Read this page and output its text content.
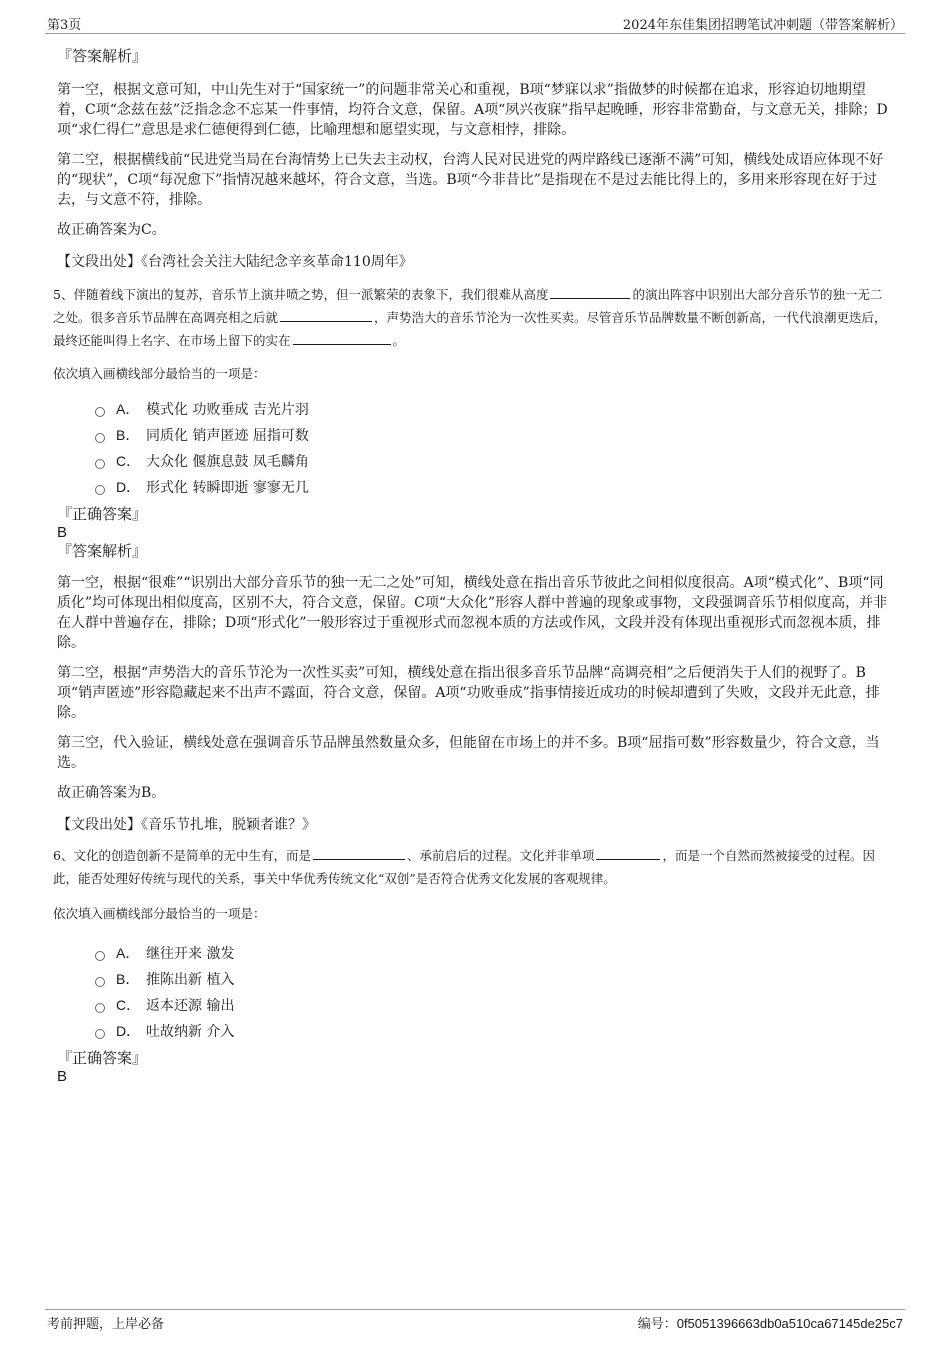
第3页	2024年东佳集团招聘笔试冲刺题（带答案解析）

『答案解析』

第一空，根据文意可知，中山先生对于“国家统一”的问题非常关心和重视，B项“梦寐以求”指做梦的时候都在追求，形容迫切地期望着，C项“念兹在兹”泛指念念不忘某一件事情，均符合文意，保留。A项“夙兴夜寐”指早起晚睡，形容非常勤奋，与文意无关，排除；D项“求仁得仁”意思是求仁德便得到仁德，比喻理想和愿望实现，与文意相悖，排除。

第二空，根据横线前“民进党当局在台海情势上已失去主动权，台湾人民对民进党的两岸路线已逐渐不满”可知，横线处成语应体现不好的“现状”，C项“每况愈下”指情况越来越坏，符合文意，当选。B项“今非昔比”是指现在不是过去能比得上的，多用来形容现在好于过去，与文意不符，排除。

故正确答案为C。

【文段出处】《台湾社会关注大陆纪念辛亥革命110周年》

5、伴随着线下演出的复苏，音乐节上演井喷之势，但一派繁荣的表象下，我们很难从高度	的演出阵容中识别出大部分音乐节的独一无二之处。很多音乐节品牌在高调亮相之后就	，声势浩大的音乐节沦为一次性买卖。尽管音乐节品牌数量不断创新高，一代代浪潮更迭后，最终还能叫得上名字、在市场上留下的实在	。

依次填入画横线部分最恰当的一项是：

A． 模式化 功败垂成 吉光片羽
B． 同质化 销声匿迹 屈指可数
C． 大众化 偃旗息鼓 凤毛麟角
D． 形式化 转瞬即逝 寥寥无几

『正确答案』

B

『答案解析』

第一空，根据“很难”“识别出大部分音乐节的独一无二之处”可知，横线处意在指出音乐节彼此之间相似度很高。A项“模式化”、B项“同质化”均可体现出相似度高，区别不大，符合文意，保留。C项“大众化”形容人群中普遍的现象或事物，文段强调音乐节相似度高，并非在人群中普遍存在，排除；D项“形式化”一般形容过于重视形式而忽视本质的方法或作风，文段并没有体现出重视形式而忽视本质，排除。

第二空，根据“声势浩大的音乐节沦为一次性买卖”可知，横线处意在指出很多音乐节品牌“高调亮相”之后便消失于人们的视野了。B项“销声匿迹”形容隐藏起来不出声不露面，符合文意，保留。A项“功败垂成”指事情接近成功的时候却遭到了失败，文段并无此意，排除。

第三空，代入验证，横线处意在强调音乐节品牌虽然数量众多，但能留在市场上的并不多。B项“屈指可数”形容数量少，符合文意，当选。

故正确答案为B。

【文段出处】《音乐节扎堆，脱颖者谁？》

6、文化的创造创新不是简单的无中生有，而是	、承前启后的过程。文化并非单项	，而是一个自然而然被接受的过程。因此，能否处理好传统与现代的关系，事关中华优秀传统文化“双创”是否符合优秀文化发展的客观规律。

依次填入画横线部分最恰当的一项是：

A． 继往开来 激发
B． 推陈出新 植入
C． 返本还源 输出
D． 吐故纳新 介入

『正确答案』

B

考前押题，上岸必备	编号：0f5051396663db0a510ca67145de25c7
